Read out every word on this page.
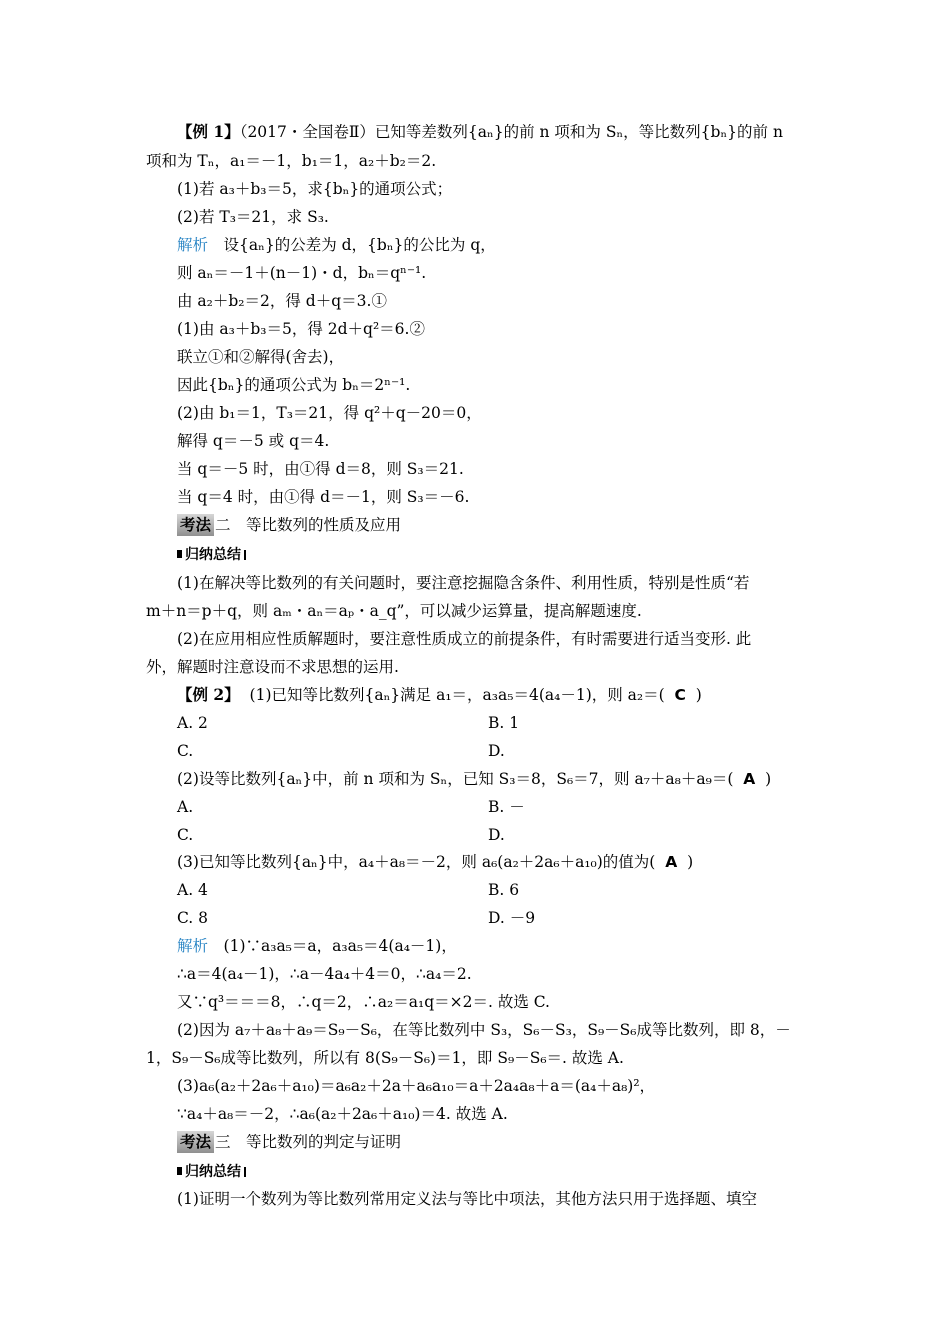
【例 1】（2017・全国卷Ⅱ）已知等差数列{aₙ}的前 n 项和为 Sₙ，等比数列{bₙ}的前 n
项和为 Tₙ，a₁＝－1，b₁＝1，a₂＋b₂＝2.
(1)若 a₃＋b₃＝5，求{bₙ}的通项公式；
(2)若 T₃＝21，求 S₃.
解析　 设{aₙ}的公差为 d，{bₙ}的公比为 q，
则 aₙ＝－1＋(n－1)・d，bₙ＝qⁿ⁻¹.
由 a₂＋b₂＝2，得 d＋q＝3.①
(1)由 a₃＋b₃＝5，得 2d＋q²＝6.②
联立①和②解得(舍去)，
因此{bₙ}的通项公式为 bₙ＝2ⁿ⁻¹.
(2)由 b₁＝1，T₃＝21，得 q²＋q－20＝0，
解得 q＝－5 或 q＝4.
当 q＝－5 时，由①得 d＝8，则 S₃＝21.
当 q＝4 时，由①得 d＝－1，则 S₃＝－6.
考法 二　等比数列的性质及应用
归纳总结
(1)在解决等比数列的有关问题时，要注意挖掘隐含条件、利用性质，特别是性质“若
m＋n＝p＋q，则 aₘ・aₙ＝aₚ・a_q”，可以减少运算量，提高解题速度.
(2)在应用相应性质解题时，要注意性质成立的前提条件，有时需要进行适当变形. 此
外，解题时注意设而不求思想的运用.
【例 2】 (1)已知等比数列{aₙ}满足 a₁＝，a₃a₅＝4(a₄－1)，则 a₂＝( C  )
A. 2	B. 1
C.	D.
(2)设等比数列{aₙ}中，前 n 项和为 Sₙ，已知 S₃＝8，S₆＝7，则 a₇＋a₈＋a₉＝( A  )
A.	B. －
C.	D.
(3)已知等比数列{aₙ}中，a₄＋a₈＝－2，则 a₆(a₂＋2a₆＋a₁₀)的值为( A  )
A. 4	B. 6
C. 8	D. －9
解析　 (1)∵a₃a₅＝a，a₃a₅＝4(a₄－1)，
∴a＝4(a₄－1)，∴a－4a₄＋4＝0，∴a₄＝2.
又∵q³＝＝＝8，∴q＝2，∴a₂＝a₁q＝×2＝. 故选 C.
(2)因为 a₇＋a₈＋a₉＝S₉－S₆，在等比数列中 S₃，S₆－S₃，S₉－S₆成等比数列，即 8，－
1，S₉－S₆成等比数列，所以有 8(S₉－S₆)＝1，即 S₉－S₆＝. 故选 A.
(3)a₆(a₂＋2a₆＋a₁₀)＝a₆a₂＋2a＋a₆a₁₀＝a＋2a₄a₈＋a＝(a₄＋a₈)²，
∵a₄＋a₈＝－2，∴a₆(a₂＋2a₆＋a₁₀)＝4. 故选 A.
考法 三　等比数列的判定与证明
归纳总结
(1)证明一个数列为等比数列常用定义法与等比中项法，其他方法只用于选择题、填空
